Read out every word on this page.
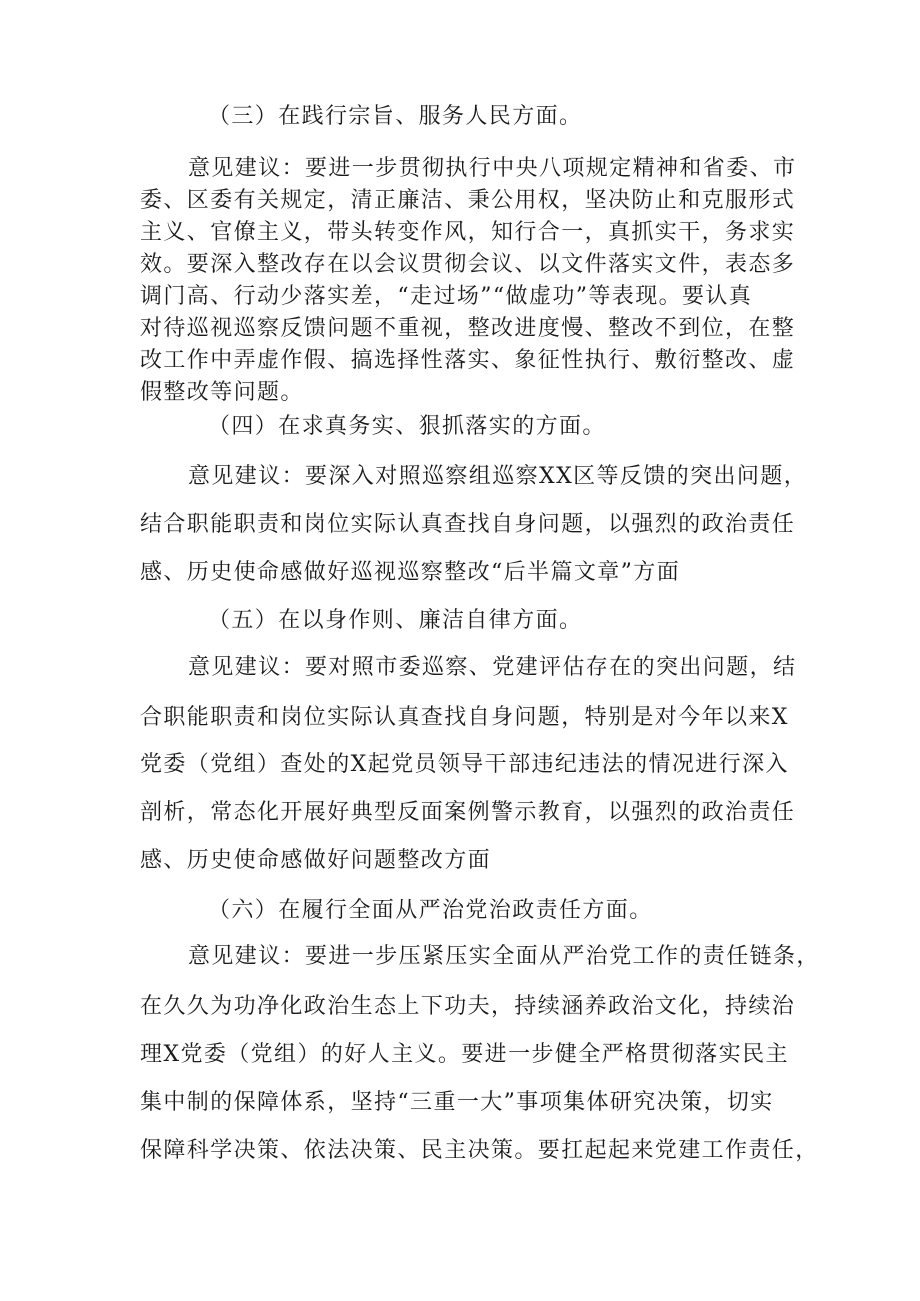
（三）在践行宗旨、服务人民方面。
意见建议：要进一步贯彻执行中央八项规定精神和省委、市
委、区委有关规定，清正廉洁、秉公用权，坚决防止和克服形式
主义、官僚主义，带头转变作风，知行合一，真抓实干，务求实
效。要深入整改存在以会议贯彻会议、以文件落实文件，表态多
调门高、行动少落实差，“走过场”“做虚功”等表现。要认真
对待巡视巡察反馈问题不重视，整改进度慢、整改不到位，在整
改工作中弄虚作假、搞选择性落实、象征性执行、敷衍整改、虚
假整改等问题。
（四）在求真务实、狠抓落实的方面。
意见建议：要深入对照巡察组巡察XX区等反馈的突出问题，
结合职能职责和岗位实际认真查找自身问题，以强烈的政治责任
感、历史使命感做好巡视巡察整改“后半篇文章”方面
（五）在以身作则、廉洁自律方面。
意见建议：要对照市委巡察、党建评估存在的突出问题，结
合职能职责和岗位实际认真查找自身问题，特别是对今年以来X
党委（党组）查处的X起党员领导干部违纪违法的情况进行深入
剖析，常态化开展好典型反面案例警示教育，以强烈的政治责任
感、历史使命感做好问题整改方面
（六）在履行全面从严治党治政责任方面。
意见建议：要进一步压紧压实全面从严治党工作的责任链条，
在久久为功净化政治生态上下功夫，持续涵养政治文化，持续治
理X党委（党组）的好人主义。要进一步健全严格贯彻落实民主
集中制的保障体系，坚持“三重一大”事项集体研究决策，切实
保障科学决策、依法决策、民主决策。要扛起起来党建工作责任，
